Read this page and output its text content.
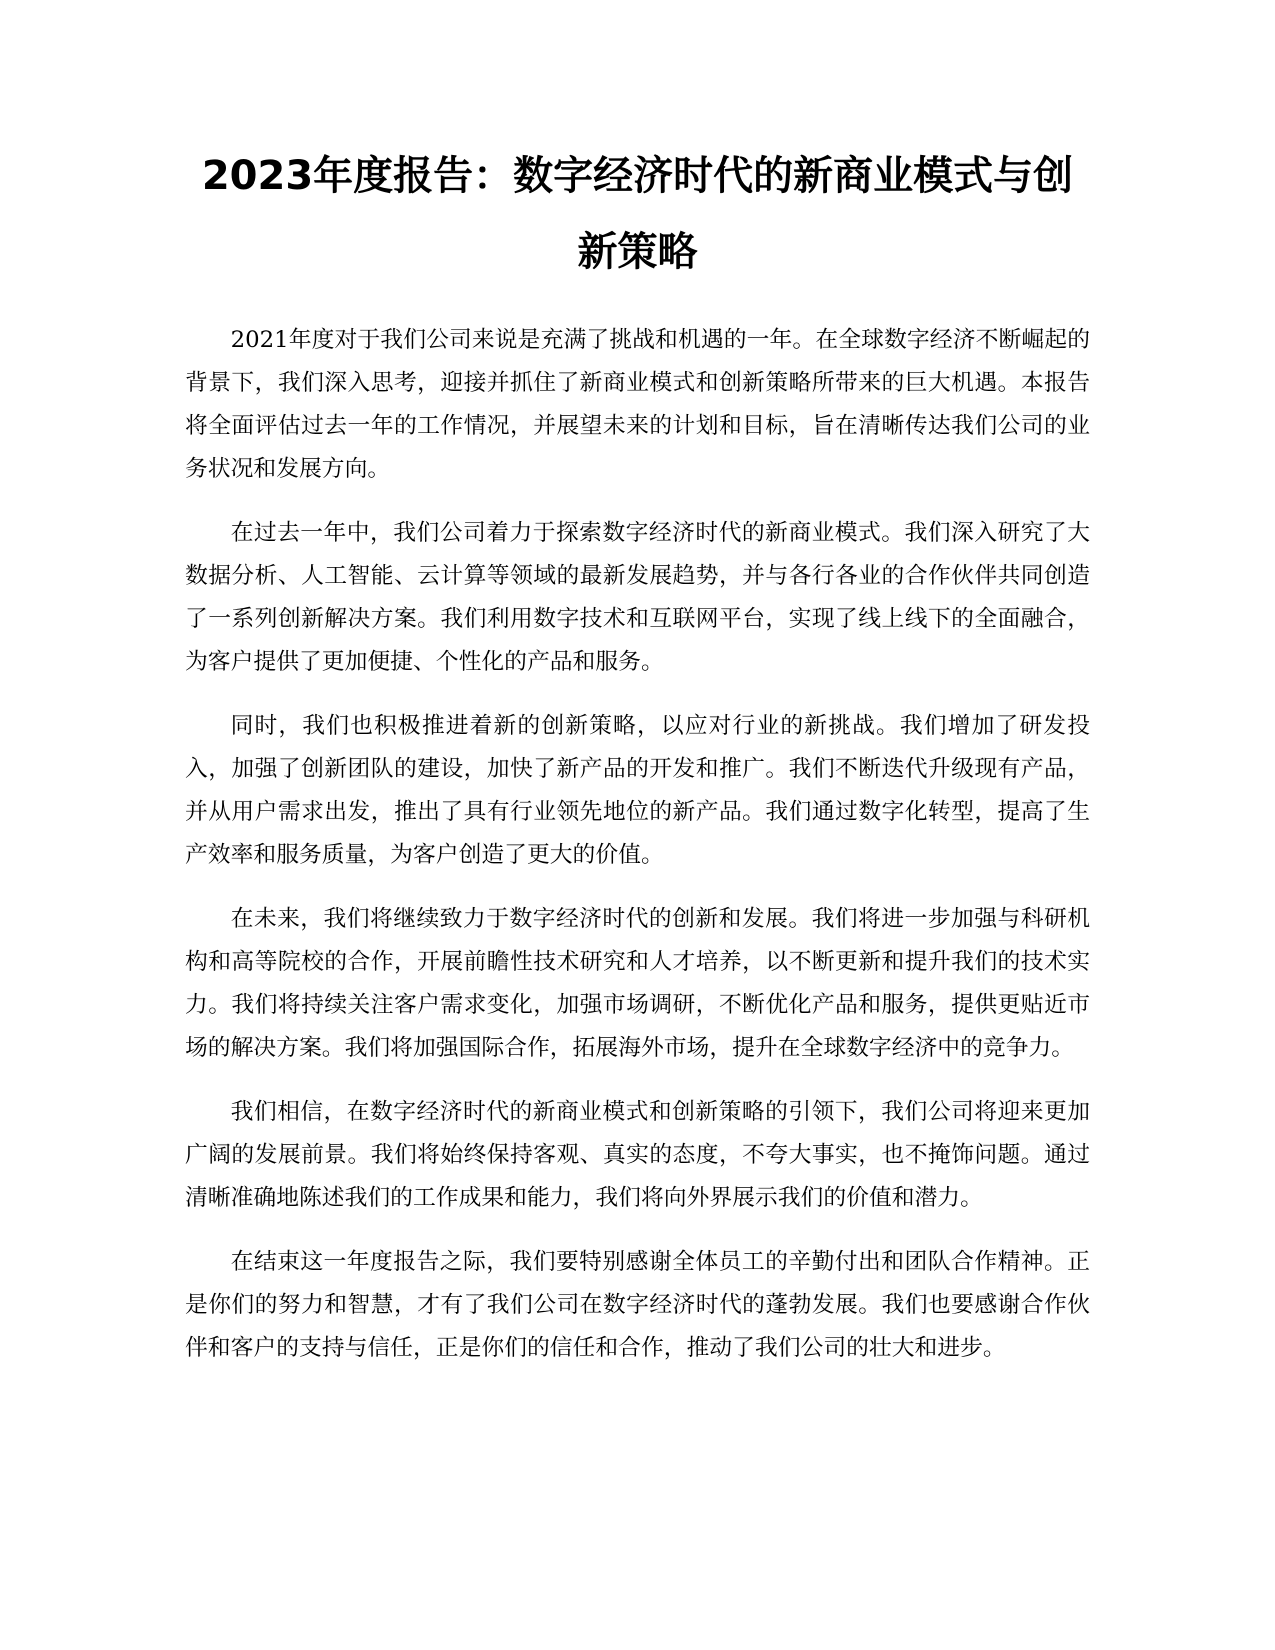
2023年度报告：数字经济时代的新商业模式与创新策略

2021年度对于我们公司来说是充满了挑战和机遇的一年。在全球数字经济不断崛起的背景下，我们深入思考，迎接并抓住了新商业模式和创新策略所带来的巨大机遇。本报告将全面评估过去一年的工作情况，并展望未来的计划和目标，旨在清晰传达我们公司的业务状况和发展方向。

在过去一年中，我们公司着力于探索数字经济时代的新商业模式。我们深入研究了大数据分析、人工智能、云计算等领域的最新发展趋势，并与各行各业的合作伙伴共同创造了一系列创新解决方案。我们利用数字技术和互联网平台，实现了线上线下的全面融合，为客户提供了更加便捷、个性化的产品和服务。

同时，我们也积极推进着新的创新策略，以应对行业的新挑战。我们增加了研发投入，加强了创新团队的建设，加快了新产品的开发和推广。我们不断迭代升级现有产品，并从用户需求出发，推出了具有行业领先地位的新产品。我们通过数字化转型，提高了生产效率和服务质量，为客户创造了更大的价值。

在未来，我们将继续致力于数字经济时代的创新和发展。我们将进一步加强与科研机构和高等院校的合作，开展前瞻性技术研究和人才培养，以不断更新和提升我们的技术实力。我们将持续关注客户需求变化，加强市场调研，不断优化产品和服务，提供更贴近市场的解决方案。我们将加强国际合作，拓展海外市场，提升在全球数字经济中的竞争力。

我们相信，在数字经济时代的新商业模式和创新策略的引领下，我们公司将迎来更加广阔的发展前景。我们将始终保持客观、真实的态度，不夸大事实，也不掩饰问题。通过清晰准确地陈述我们的工作成果和能力，我们将向外界展示我们的价值和潜力。

在结束这一年度报告之际，我们要特别感谢全体员工的辛勤付出和团队合作精神。正是你们的努力和智慧，才有了我们公司在数字经济时代的蓬勃发展。我们也要感谢合作伙伴和客户的支持与信任，正是你们的信任和合作，推动了我们公司的壮大和进步。
